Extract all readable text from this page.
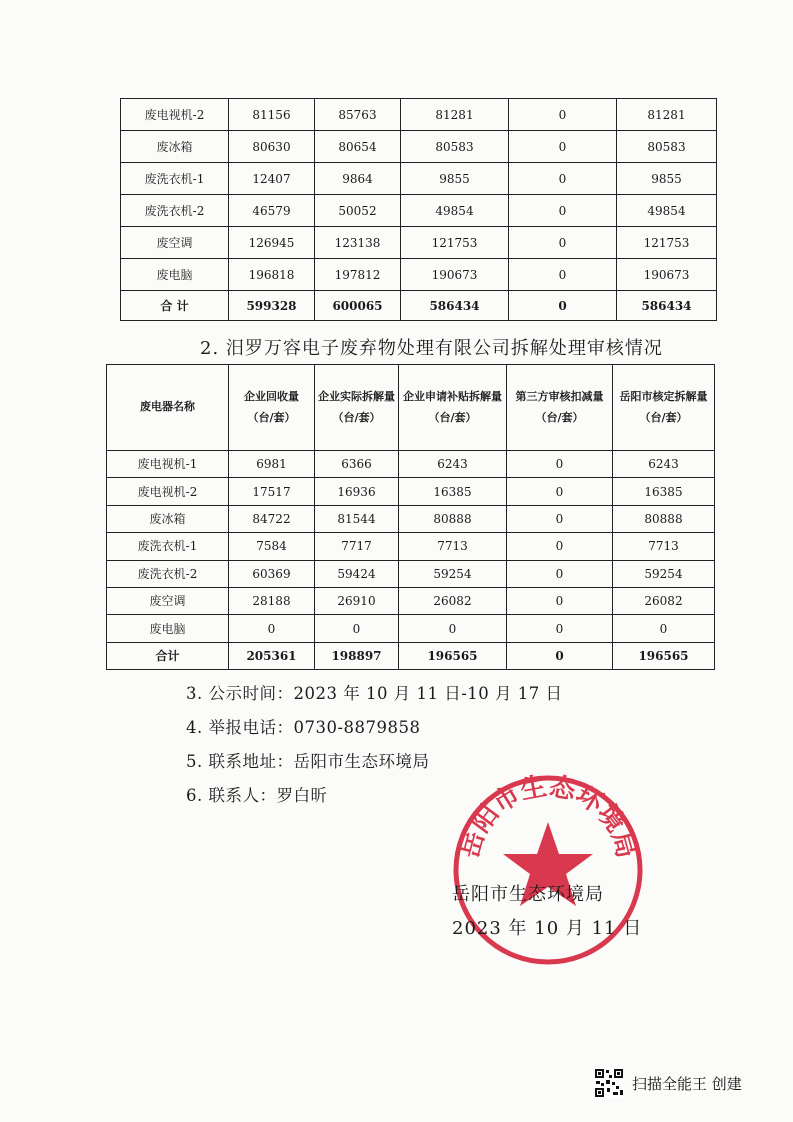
废电视机-2	81156	85763	81281	0	81281
废冰箱	80630	80654	80583	0	80583
废洗衣机-1	12407	9864	9855	0	9855
废洗衣机-2	46579	50052	49854	0	49854
废空调	126945	123138	121753	0	121753
废电脑	196818	197812	190673	0	190673
合 计	599328	600065	586434	0	586434
2. 汨罗万容电子废弃物处理有限公司拆解处理审核情况
废电器名称	企业回收量（台/套）	企业实际拆解量（台/套）	企业申请补贴拆解量（台/套）	第三方审核扣减量（台/套）	岳阳市核定拆解量（台/套）
废电视机-1	6981	6366	6243	0	6243
废电视机-2	17517	16936	16385	0	16385
废冰箱	84722	81544	80888	0	80888
废洗衣机-1	7584	7717	7713	0	7713
废洗衣机-2	60369	59424	59254	0	59254
废空调	28188	26910	26082	0	26082
废电脑	0	0	0	0	0
合计	205361	198897	196565	0	196565
3. 公示时间：2023 年 10 月 11 日-10 月 17 日
4. 举报电话：0730-8879858
5. 联系地址：岳阳市生态环境局
6. 联系人：罗白昕
岳阳市生态环境局
岳阳市生态环境局
2023 年 10 月 11 日
扫描全能王 创建
